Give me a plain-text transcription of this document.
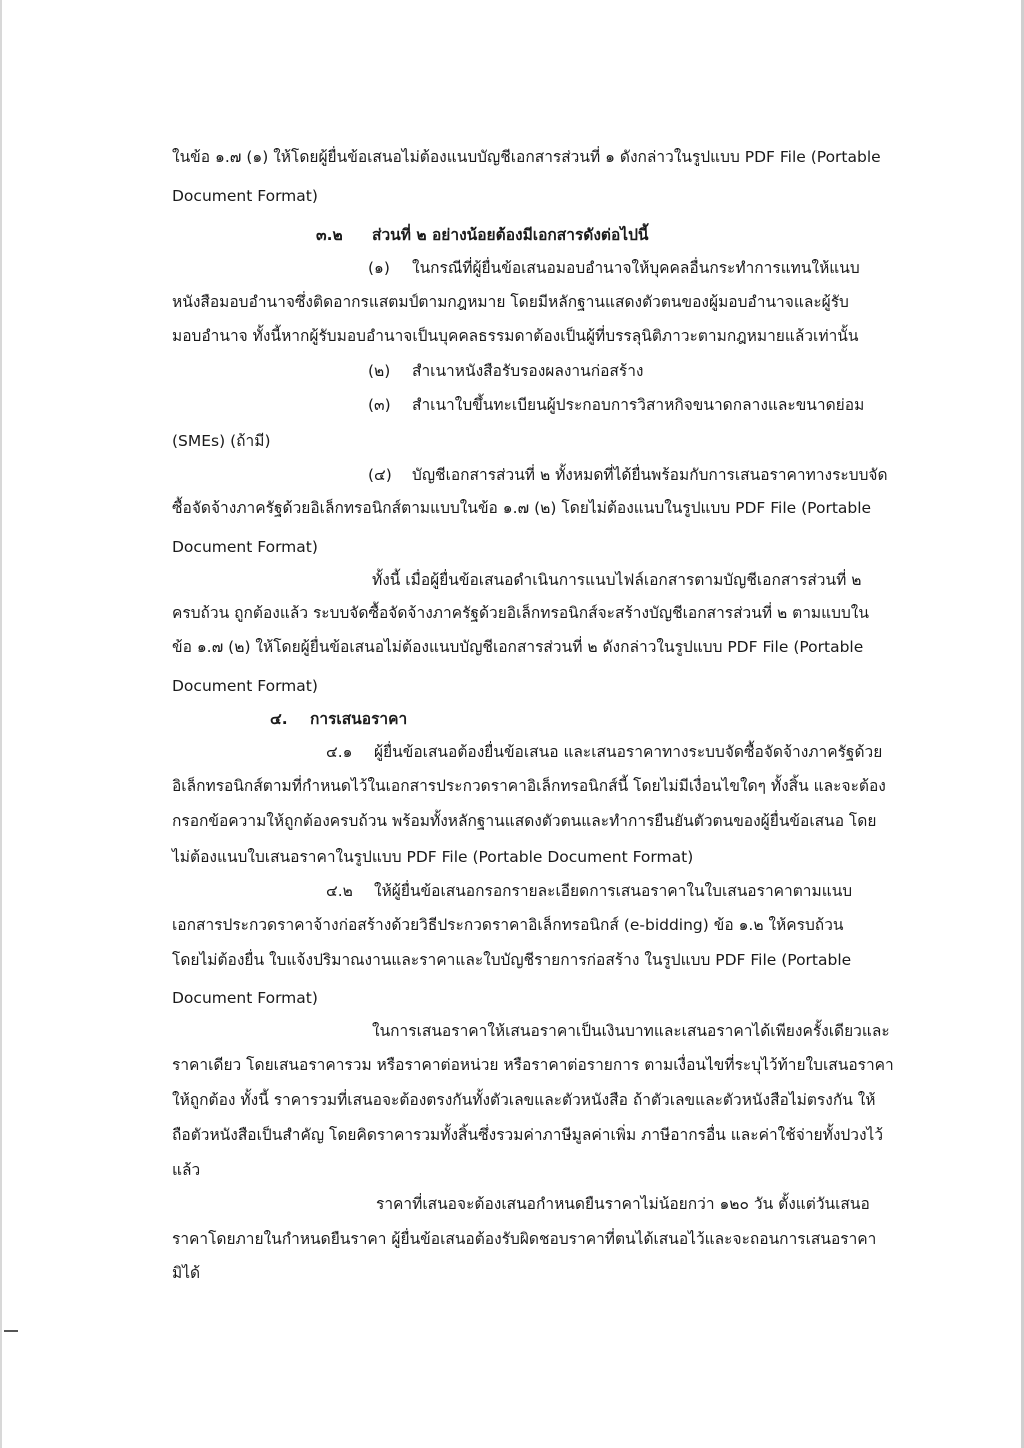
ในข้อ ๑.๗ (๑) ให้โดยผู้ยื่นข้อเสนอไม่ต้องแนบบัญชีเอกสารส่วนที่ ๑ ดังกล่าวในรูปแบบ PDF File (Portable
Document Format)
๓.๒ ส่วนที่ ๒ อย่างน้อยต้องมีเอกสารดังต่อไปนี้
(๑) ในกรณีที่ผู้ยื่นข้อเสนอมอบอำนาจให้บุคคลอื่นกระทำการแทนให้แนบ
หนังสือมอบอำนาจซึ่งติดอากรแสตมป์ตามกฎหมาย โดยมีหลักฐานแสดงตัวตนของผู้มอบอำนาจและผู้รับ
มอบอำนาจ ทั้งนี้หากผู้รับมอบอำนาจเป็นบุคคลธรรมดาต้องเป็นผู้ที่บรรลุนิติภาวะตามกฎหมายแล้วเท่านั้น
(๒) สำเนาหนังสือรับรองผลงานก่อสร้าง
(๓) สำเนาใบขึ้นทะเบียนผู้ประกอบการวิสาหกิจขนาดกลางและขนาดย่อม
(SMEs) (ถ้ามี)
(๔) บัญชีเอกสารส่วนที่ ๒ ทั้งหมดที่ได้ยื่นพร้อมกับการเสนอราคาทางระบบจัด
ซื้อจัดจ้างภาครัฐด้วยอิเล็กทรอนิกส์ตามแบบในข้อ ๑.๗ (๒) โดยไม่ต้องแนบในรูปแบบ PDF File (Portable
Document Format)
ทั้งนี้ เมื่อผู้ยื่นข้อเสนอดำเนินการแนบไฟล์เอกสารตามบัญชีเอกสารส่วนที่ ๒
ครบถ้วน ถูกต้องแล้ว ระบบจัดซื้อจัดจ้างภาครัฐด้วยอิเล็กทรอนิกส์จะสร้างบัญชีเอกสารส่วนที่ ๒ ตามแบบใน
ข้อ ๑.๗ (๒) ให้โดยผู้ยื่นข้อเสนอไม่ต้องแนบบัญชีเอกสารส่วนที่ ๒ ดังกล่าวในรูปแบบ PDF File (Portable
Document Format)
๔. การเสนอราคา
๔.๑ ผู้ยื่นข้อเสนอต้องยื่นข้อเสนอ และเสนอราคาทางระบบจัดซื้อจัดจ้างภาครัฐด้วย
อิเล็กทรอนิกส์ตามที่กำหนดไว้ในเอกสารประกวดราคาอิเล็กทรอนิกส์นี้ โดยไม่มีเงื่อนไขใดๆ ทั้งสิ้น และจะต้อง
กรอกข้อความให้ถูกต้องครบถ้วน พร้อมทั้งหลักฐานแสดงตัวตนและทำการยืนยันตัวตนของผู้ยื่นข้อเสนอ โดย
ไม่ต้องแนบใบเสนอราคาในรูปแบบ PDF File (Portable Document Format)
๔.๒ ให้ผู้ยื่นข้อเสนอกรอกรายละเอียดการเสนอราคาในใบเสนอราคาตามแนบ
เอกสารประกวดราคาจ้างก่อสร้างด้วยวิธีประกวดราคาอิเล็กทรอนิกส์ (e-bidding) ข้อ ๑.๒ ให้ครบถ้วน
โดยไม่ต้องยื่น ใบแจ้งปริมาณงานและราคาและใบบัญชีรายการก่อสร้าง ในรูปแบบ PDF File (Portable
Document Format)
ในการเสนอราคาให้เสนอราคาเป็นเงินบาทและเสนอราคาได้เพียงครั้งเดียวและ
ราคาเดียว โดยเสนอราคารวม หรือราคาต่อหน่วย หรือราคาต่อรายการ ตามเงื่อนไขที่ระบุไว้ท้ายใบเสนอราคา
ให้ถูกต้อง ทั้งนี้ ราคารวมที่เสนอจะต้องตรงกันทั้งตัวเลขและตัวหนังสือ ถ้าตัวเลขและตัวหนังสือไม่ตรงกัน ให้
ถือตัวหนังสือเป็นสำคัญ โดยคิดราคารวมทั้งสิ้นซึ่งรวมค่าภาษีมูลค่าเพิ่ม ภาษีอากรอื่น และค่าใช้จ่ายทั้งปวงไว้
แล้ว
ราคาที่เสนอจะต้องเสนอกำหนดยืนราคาไม่น้อยกว่า ๑๒๐ วัน ตั้งแต่วันเสนอ
ราคาโดยภายในกำหนดยืนราคา ผู้ยื่นข้อเสนอต้องรับผิดชอบราคาที่ตนได้เสนอไว้และจะถอนการเสนอราคา
มิได้
